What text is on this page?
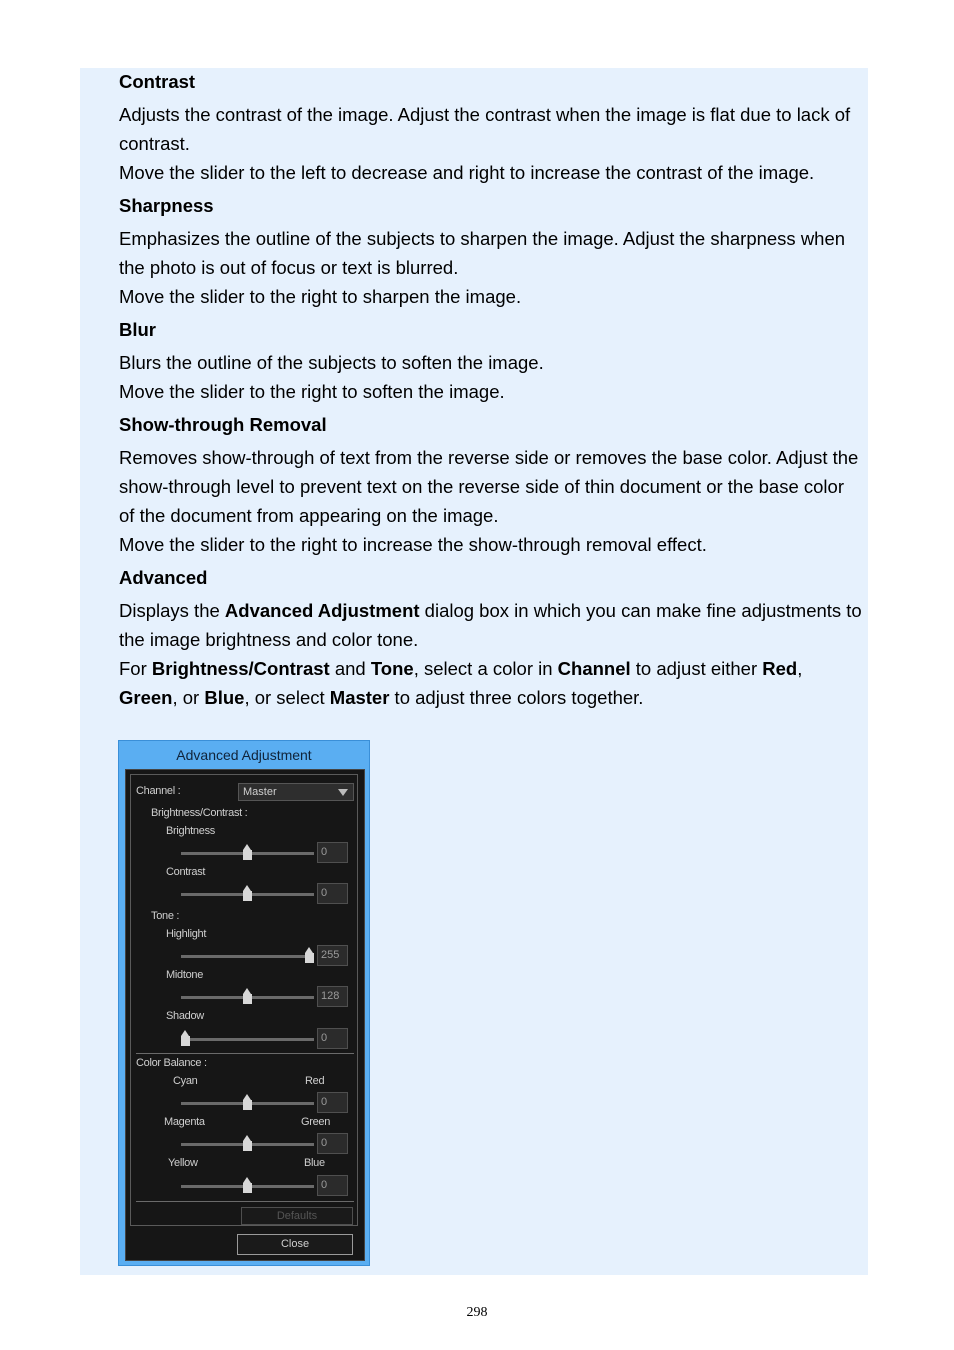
Contrast

Adjusts the contrast of the image. Adjust the contrast when the image is flat due to lack of contrast.

Move the slider to the left to decrease and right to increase the contrast of the image.

Sharpness

Emphasizes the outline of the subjects to sharpen the image. Adjust the sharpness when the photo is out of focus or text is blurred.

Move the slider to the right to sharpen the image.

Blur

Blurs the outline of the subjects to soften the image.

Move the slider to the right to soften the image.

Show-through Removal

Removes show-through of text from the reverse side or removes the base color. Adjust the show-through level to prevent text on the reverse side of thin document or the base color of the document from appearing on the image.

Move the slider to the right to increase the show-through removal effect.

Advanced

Displays the Advanced Adjustment dialog box in which you can make fine adjustments to the image brightness and color tone.

For Brightness/Contrast and Tone, select a color in Channel to adjust either Red, Green, or Blue, or select Master to adjust three colors together.

Advanced Adjustment
Channel :	Master
Brightness/Contrast :
Brightness
0
Contrast
0
Tone :
Highlight
255
Midtone
128
Shadow
0
Color Balance :
Cyan	Red
0
Magenta	Green
0
Yellow	Blue
0
Defaults
Close
298
